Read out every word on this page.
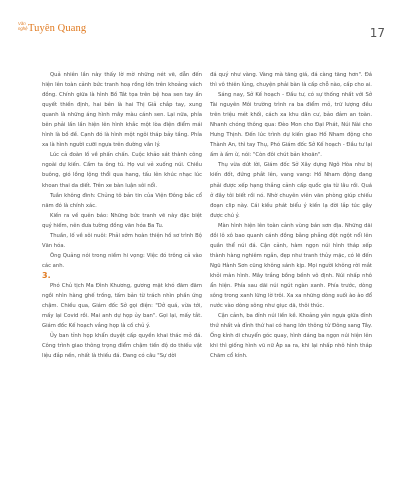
Văn
nghệ Tuyên Quang	17

Quả nhiên lần này thấy lờ mờ những nét vẽ, dẫn đến hiện lên toàn cảnh bức tranh hoạ rồng lớn trên khoảng vách đồng. Chính giữa là hình Bồ Tát tọa trên bệ hoa sen tay ấn quyết thiền định, hai bên là hai Thị Giả chắp tay, xung quanh là những áng hình mây màu cánh sen. Lại nữa, phía bên phải lần lần hiện lên hình khắc một lòa điện điểm mái hình là bồ đề. Cạnh đó là hình một ngôi tháp bảy tầng. Phía xa là hình người cưỡi ngựa trên đường vân lý.

Lúc cả đoàn lồ về phấn chấn. Cuộc khảo sát thành công ngoài dự kiến. Cầm ta ông tú. Họ vui vẻ xuống núi. Chiều buông, gió lồng lộng thổi qua hang, tấu lên khúc nhạc lúc khoan thai da diết. Trên xe bàn luận sôi nổi.

Tuần không đình: Chủng tô bản tin của Viện Đông bắc cổ năm đó là chính xác.

Kiến ra về quên báo: Những bức tranh vẽ này đặc biệt quý hiếm, nên đưa tường đồng văn hóa Ba Tu.

Thuần, lố về sôi nuôi: Phải sớm hoàn thiện hồ sơ trình Bộ Văn hóa.

Ông Quảng nói trong niềm hi vọng: Việc đó trông cả vào các anh.

3.

Phó Chủ tịch Ma Đình Khương, gương mặt khó đăm đăm ngồi nhìn hàng ghế trống, tấm bản từ trách nhìn phần ứng chậm. Chiều qua, Giám đốc Sở gọi điện: "Dở quá, vừa tới, mấy lại Covid rồi. Mai anh dự họp ủy ban". Gọi lại, mấy tắt. Giám đốc Kế hoạch vắng họp là cố chủ ý.

Ủy ban tỉnh họp khẩn duyệt cấp quyền khai thác mỏ đá. Công trình giao thông trọng điểm chậm tiến độ do thiếu vật liệu đắp nền, nhất là thiếu đá. Đang có câu "Sự dời

đá quý như vàng. Vàng mà tăng giá, đá càng tăng hơn". Đá thì vô thiên lủng, chuyện phải bàn là cấp chỗ nào, cấp cho ai.

Sáng nay, Sở Kế hoạch - Đầu tư, có sự thống nhất với Sở Tài nguyên Môi trường trình ra ba điểm mỏ, trữ lượng đều trên triệu mét khối, cách xa khu dân cư, bảo đảm an toàn. Nhanh chóng thông qua: Đèo Mon cho Đại Phát, Núi Nài cho Hưng Thịnh. Đến lúc trình dự kiến giao Hố Nham động cho Thành An, thì tay Thụ, Phó Giám đốc Sở Kế hoạch - Đầu tư lại ấm à ấm ừ, nói: "Còn đôi chút bản khoăn".

Thụ vừa dứt lời, Giám đốc Sở Xây dựng Ngô Hòa như bị kiến đốt, đứng phắt lên, vang vang: Hố Nham động đang phải được xếp hạng thắng cảnh cấp quốc gia từ lâu rồi. Quá ở đây tôi biết rồi nó. Nhờ chuyên viên văn phòng giúp chiếu đoạn clip này. Cái kiều phát biểu ý kiến lạ đời lắp túc gây được chú ý.

Màn hình hiện lên toàn cảnh vùng bán sơn địa. Những dãi đồi lô xô bao quanh cánh đồng bằng phẳng đột ngột nổi lên quần thể núi đá. Cận cảnh, hàm ngọn núi hình tháp xếp thành hàng nghiêm ngắn, đẹp như tranh thủy mặc, có lẽ đến Ngũ Hành Sơn cũng không sánh kịp. Mọi người không rời mắt khỏi màn hình. Mây trắng bồng bềnh vô định. Núi nhấp nhô ẩn hiện. Phía sau dãi núi ngút ngàn xanh. Phía trước, dòng sông trong xanh lững lờ trôi. Xa xa những dòng suối ào ào đổ nước vào dòng sông như giục dã, thôi thúc.

Cận cảnh, ba đỉnh núi liền kề. Khoảng yên ngựa giữa đỉnh thứ nhất và đỉnh thứ hai có hang lớn thông từ Đông sang Tây. Ống kính di chuyển góc quay, hình dáng ba ngọn núi hiện lên khi thì giống hình vũ nữ Áp sa ra, khi lại nhấp nhô hình tháp Chăm cổ kính.
